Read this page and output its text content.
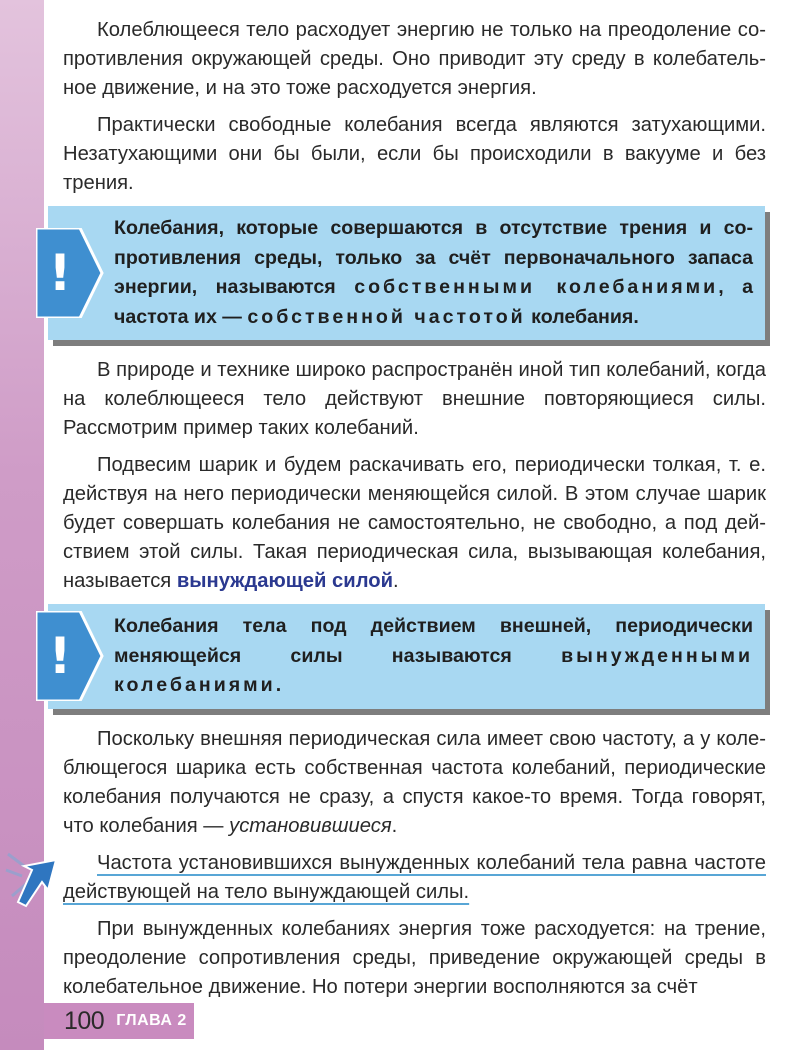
Колеблющееся тело расходует энергию не только на преодоление сопротивления окружающей среды. Оно приводит эту среду в колебательное движение, и на это тоже расходуется энергия.

Практически свободные колебания всегда являются затухающими. Незатухающими они бы были, если бы происходили в вакууме и без трения.

!
Колебания, которые совершаются в отсутствие трения и сопротивления среды, только за счёт первоначального запаса энергии, называются собственными колебаниями, а частота их — собственной частотой колебания.

В природе и технике широко распространён иной тип колебаний, когда на колеблющееся тело действуют внешние повторяющиеся силы. Рассмотрим пример таких колебаний.

Подвесим шарик и будем раскачивать его, периодически толкая, т. е. действуя на него периодически меняющейся силой. В этом случае шарик будет совершать колебания не самостоятельно, не свободно, а под действием этой силы. Такая периодическая сила, вызывающая колебания, называется вынуждающей силой.

!
Колебания тела под действием внешней, периодически меняющейся силы называются вынужденными колебаниями.

Поскольку внешняя периодическая сила имеет свою частоту, а у колеблющегося шарика есть собственная частота колебаний, периодические колебания получаются не сразу, а спустя какое-то время. Тогда говорят, что колебания — установившиеся.

Частота установившихся вынужденных колебаний тела равна частоте действующей на тело вынуждающей силы.

При вынужденных колебаниях энергия тоже расходуется: на трение, преодоление сопротивления среды, приведение окружающей среды в колебательное движение. Но потери энергии восполняются за счёт

100 ГЛАВА 2
